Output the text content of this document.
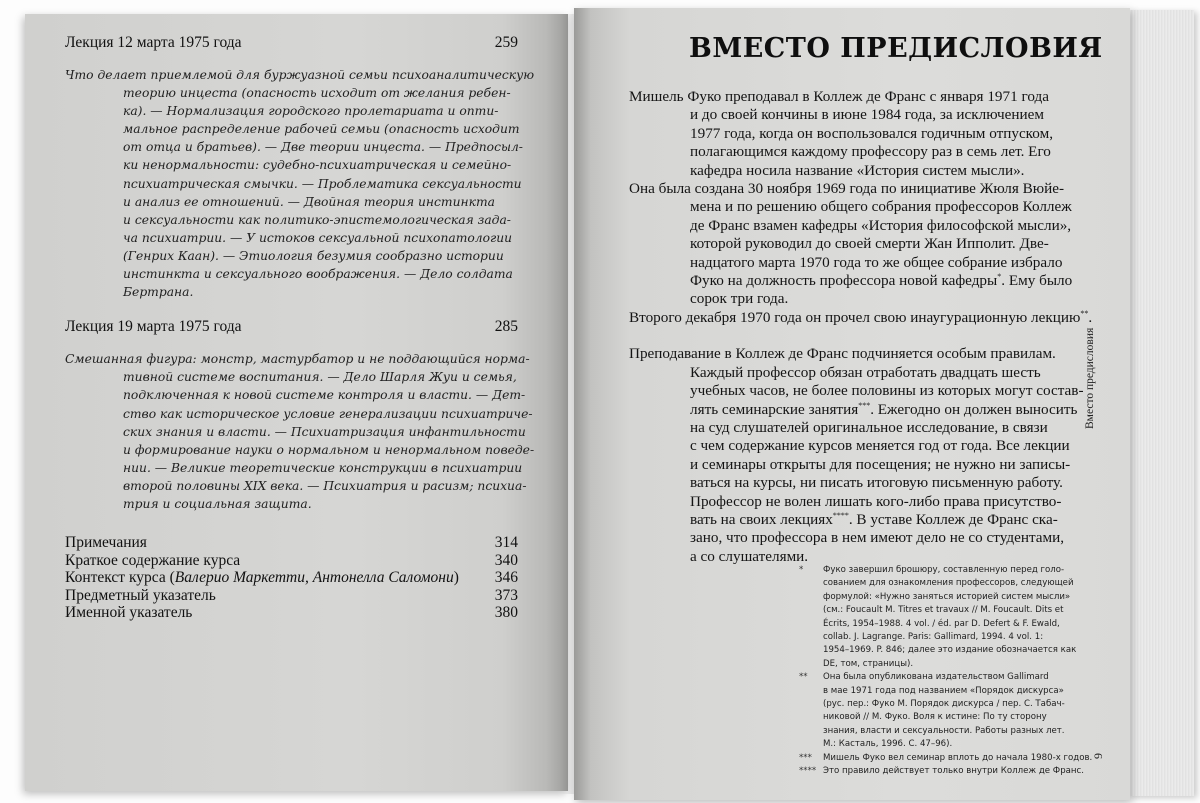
Лекция 12 марта 1975 года	259
Что делает приемлемой для буржуазной семьи психоаналитическую
теорию инцеста (опасность исходит от желания ребен-
ка). — Нормализация городского пролетариата и опти-
мальное распределение рабочей семьи (опасность исходит
от отца и братьев). — Две теории инцеста. — Предпосыл-
ки ненормальности: судебно-психиатрическая и семейно-
психиатрическая смычки. — Проблематика сексуальности
и анализ ее отношений. — Двойная теория инстинкта
и сексуальности как политико-эпистемологическая зада-
ча психиатрии. — У истоков сексуальной психопатологии
(Генрих Каан). — Этиология безумия сообразно истории
инстинкта и сексуального воображения. — Дело солдата
Бертрана.
Лекция 19 марта 1975 года	285
Смешанная фигура: монстр, мастурбатор и не поддающийся норма-
тивной системе воспитания. — Дело Шарля Жуи и семья,
подключенная к новой системе контроля и власти. — Дет-
ство как историческое условие генерализации психиатриче-
ских знания и власти. — Психиатризация инфантильности
и формирование науки о нормальном и ненормальном поведе-
нии. — Великие теоретические конструкции в психиатрии
второй половины XIX века. — Психиатрия и расизм; психиа-
трия и социальная защита.
Примечания	314
Краткое содержание курса	340
Контекст курса (Валерио Маркетти, Антонелла Саломони) 346
Предметный указатель	373
Именной указатель	380
ВМЕСТО ПРЕДИСЛОВИЯ
Мишель Фуко преподавал в Коллеж де Франс с января 1971 года
и до своей кончины в июне 1984 года, за исключением
1977 года, когда он воспользовался годичным отпуском,
полагающимся каждому профессору раз в семь лет. Его
кафедра носила название «История систем мысли».
Она была создана 30 ноября 1969 года по инициативе Жюля Вюйе-
мена и по решению общего собрания профессоров Коллеж
де Франс взамен кафедры «История философской мысли»,
которой руководил до своей смерти Жан Ипполит. Две-
надцатого марта 1970 года то же общее собрание избрало
Фуко на должность профессора новой кафедры*. Ему было
сорок три года.
Второго декабря 1970 года он прочел свою инаугурационную лекцию**.
Преподавание в Коллеж де Франс подчиняется особым правилам.
Каждый профессор обязан отработать двадцать шесть
учебных часов, не более половины из которых могут состав-
лять семинарские занятия***. Ежегодно он должен выносить
на суд слушателей оригинальное исследование, в связи
с чем содержание курсов меняется год от года. Все лекции
и семинары открыты для посещения; не нужно ни записы-
ваться на курсы, ни писать итоговую письменную работу.
Профессор не волен лишать кого-либо права присутство-
вать на своих лекциях****. В уставе Коллеж де Франс ска-
зано, что профессора в нем имеют дело не со студентами,
а со слушателями.
*	Фуко завершил брошюру, составленную перед голо-
сованием для ознакомления профессоров, следующей
формулой: «Нужно заняться историей систем мысли»
(см.: Foucault M. Titres et travaux // M. Foucault. Dits et
Écrits, 1954–1988. 4 vol. / éd. par D. Defert & F. Ewald,
collab. J. Lagrange. Paris: Gallimard, 1994. 4 vol. 1:
1954–1969. P. 846; далее это издание обозначается как
DE, том, страницы).
**	Она была опубликована издательством Gallimard
в мае 1971 года под названием «Порядок дискурса»
(рус. пер.: Фуко М. Порядок дискурса / пер. С. Табач-
никовой // М. Фуко. Воля к истине: По ту сторону
знания, власти и сексуальности. Работы разных лет.
М.: Касталь, 1996. С. 47–96).
***	Мишель Фуко вел семинар вплоть до начала 1980-х годов.
**** Это правило действует только внутри Коллеж де Франс.
Вместо предисловия
9
